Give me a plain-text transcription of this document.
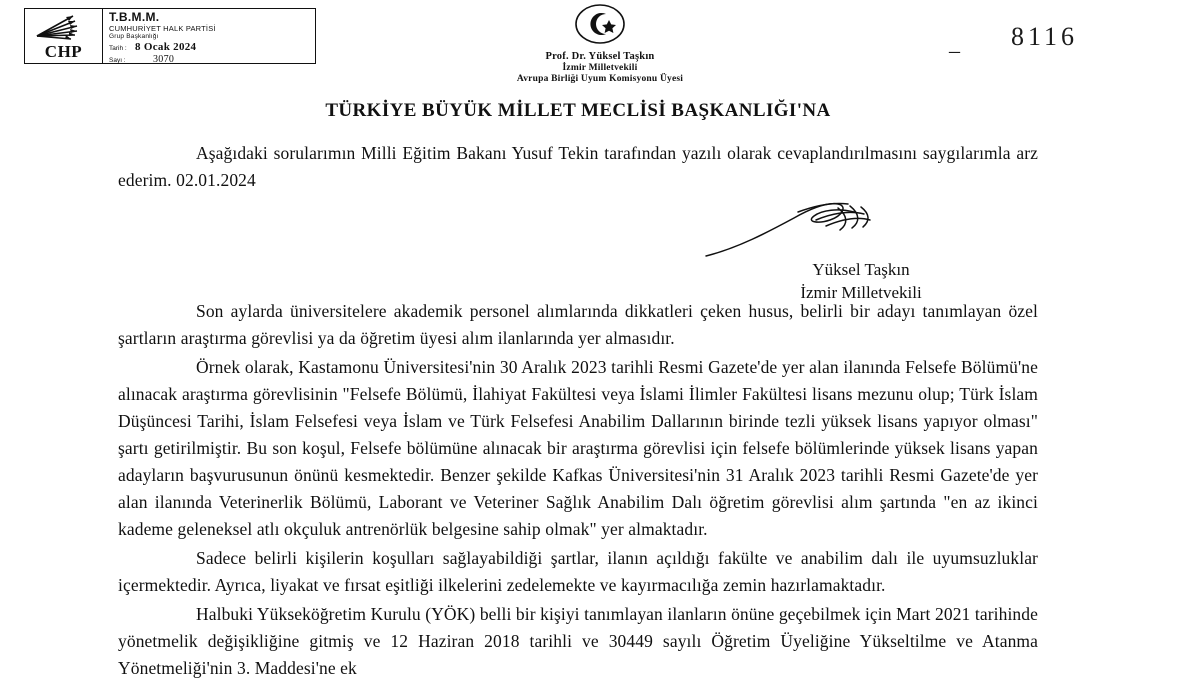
CHP
T.B.M.M.
CUMHURİYET HALK PARTİSİ
Grup Başkanlığı
Tarih : 8 Ocak 2024
Sayı :	3070	Prof. Dr. Yüksel Taşkın
İzmir Milletvekili
Avrupa Birliği Uyum Komisyonu Üyesi
_ 8116
TÜRKİYE BÜYÜK MİLLET MECLİSİ BAŞKANLIĞI'NA

Aşağıdaki sorularımın Milli Eğitim Bakanı Yusuf Tekin tarafından yazılı olarak cevaplandırılmasını saygılarımla arz ederim. 02.01.2024

Yüksel Taşkın
İzmir Milletvekili

Son aylarda üniversitelere akademik personel alımlarında dikkatleri çeken husus, belirli bir adayı tanımlayan özel şartların araştırma görevlisi ya da öğretim üyesi alım ilanlarında yer almasıdır.

Örnek olarak, Kastamonu Üniversitesi'nin 30 Aralık 2023 tarihli Resmi Gazete'de yer alan ilanında Felsefe Bölümü'ne alınacak araştırma görevlisinin "Felsefe Bölümü, İlahiyat Fakültesi veya İslami İlimler Fakültesi lisans mezunu olup; Türk İslam Düşüncesi Tarihi, İslam Felsefesi veya İslam ve Türk Felsefesi Anabilim Dallarının birinde tezli yüksek lisans yapıyor olması" şartı getirilmiştir. Bu son koşul, Felsefe bölümüne alınacak bir araştırma görevlisi için felsefe bölümlerinde yüksek lisans yapan adayların başvurusunun önünü kesmektedir. Benzer şekilde Kafkas Üniversitesi'nin 31 Aralık 2023 tarihli Resmi Gazete'de yer alan ilanında Veterinerlik Bölümü, Laborant ve Veteriner Sağlık Anabilim Dalı öğretim görevlisi alım şartında "en az ikinci kademe geleneksel atlı okçuluk antrenörlük belgesine sahip olmak" yer almaktadır.

Sadece belirli kişilerin koşulları sağlayabildiği şartlar, ilanın açıldığı fakülte ve anabilim dalı ile uyumsuzluklar içermektedir. Ayrıca, liyakat ve fırsat eşitliği ilkelerini zedelemekte ve kayırmacılığa zemin hazırlamaktadır.

Halbuki Yükseköğretim Kurulu (YÖK) belli bir kişiyi tanımlayan ilanların önüne geçebilmek için Mart 2021 tarihinde yönetmelik değişikliğine gitmiş ve 12 Haziran 2018 tarihli ve 30449 sayılı Öğretim Üyeliğine Yükseltilme ve Atanma Yönetmeliği'nin 3. Maddesi'ne ek
